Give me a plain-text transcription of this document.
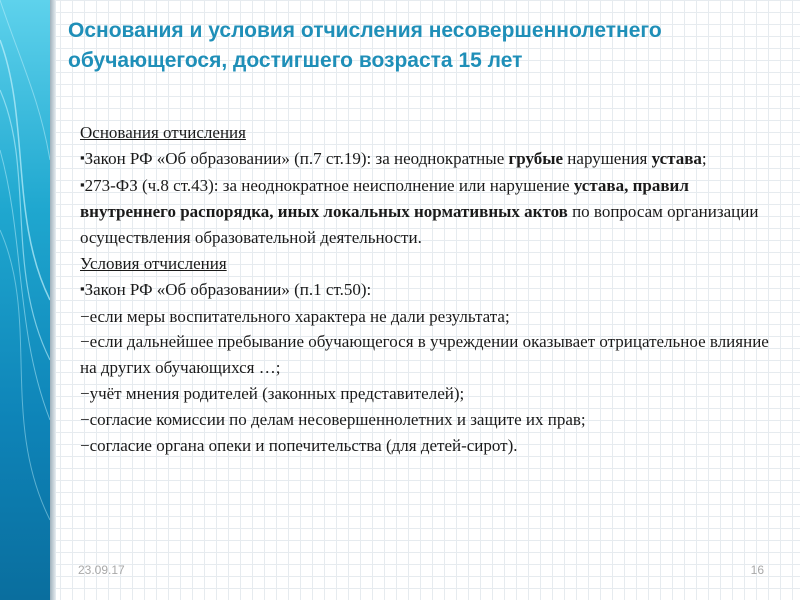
Основания и условия отчисления несовершеннолетнего
обучающегося, достигшего возраста 15 лет

Основания отчисления

▪ Закон РФ «Об образовании» (п.7 ст.19): за неоднократные грубые нарушения устава;

▪ 273-ФЗ (ч.8 ст.43): за неоднократное неисполнение или нарушение устава, правил внутреннего распорядка, иных локальных нормативных актов по вопросам организации осуществления образовательной деятельности.

Условия отчисления

▪ Закон РФ «Об образовании» (п.1 ст.50):

−если меры воспитательного характера не дали результата;

−если дальнейшее пребывание обучающегося в учреждении оказывает отрицательное влияние на других обучающихся …;

−учёт мнения родителей (законных представителей);

−согласие комиссии по делам несовершеннолетних и защите их прав;

−согласие органа опеки и попечительства (для детей-сирот).

23.09.17	16
